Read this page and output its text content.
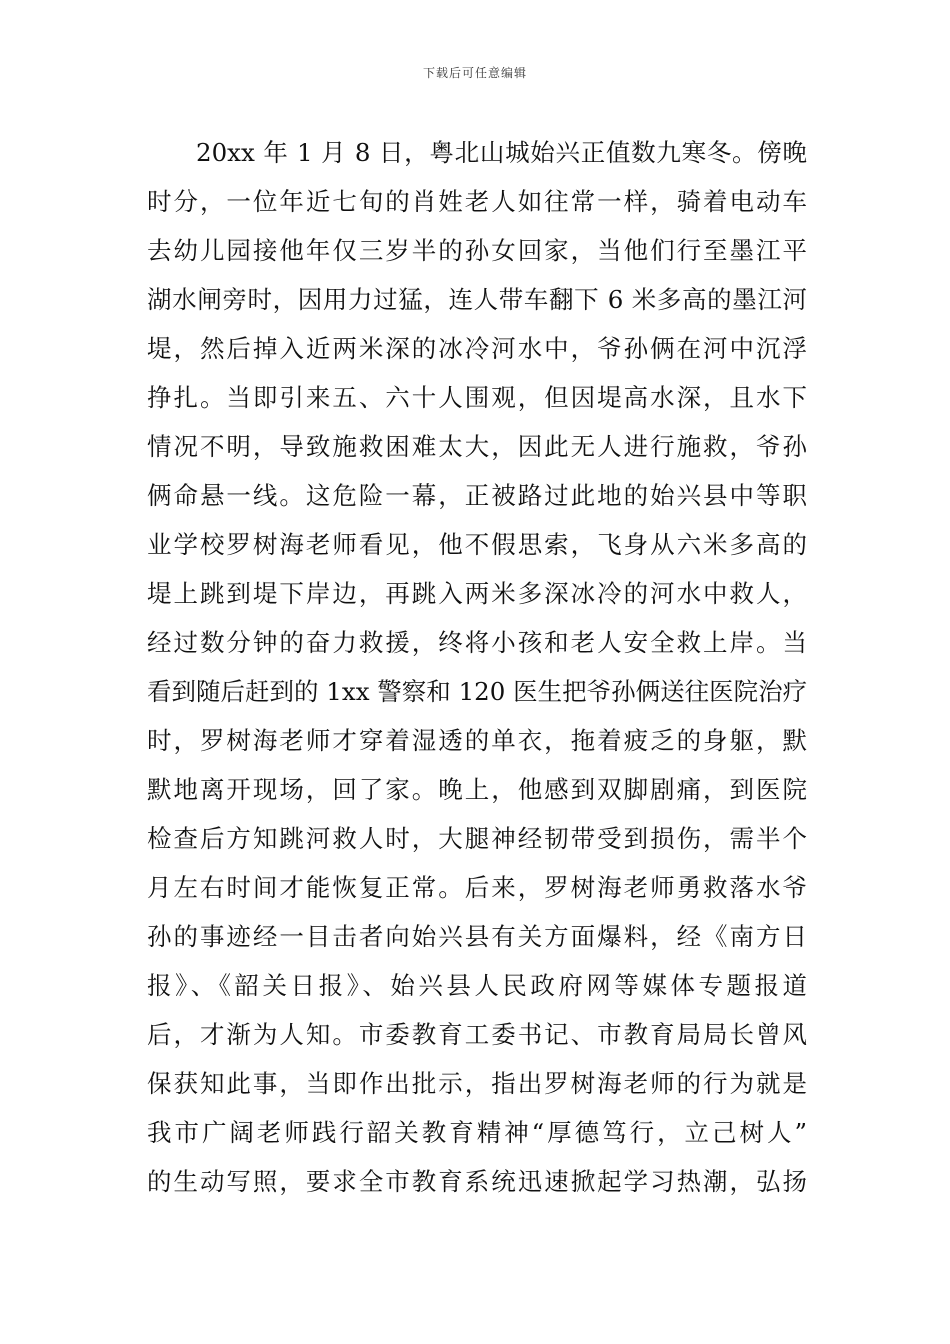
下载后可任意编辑
20xx 年 1 月 8 日，粤北山城始兴正值数九寒冬。傍晚
时分，一位年近七旬的肖姓老人如往常一样，骑着电动车
去幼儿园接他年仅三岁半的孙女回家，当他们行至墨江平
湖水闸旁时，因用力过猛，连人带车翻下 6 米多高的墨江河
堤，然后掉入近两米深的冰冷河水中，爷孙俩在河中沉浮
挣扎。当即引来五、六十人围观，但因堤高水深，且水下
情况不明，导致施救困难太大，因此无人进行施救，爷孙
俩命悬一线。这危险一幕，正被路过此地的始兴县中等职
业学校罗树海老师看见，他不假思索，飞身从六米多高的
堤上跳到堤下岸边，再跳入两米多深冰冷的河水中救人，
经过数分钟的奋力救援，终将小孩和老人安全救上岸。当
看到随后赶到的 1xx 警察和 120 医生把爷孙俩送往医院治疗
时，罗树海老师才穿着湿透的单衣，拖着疲乏的身躯，默
默地离开现场，回了家。晚上，他感到双脚剧痛，到医院
检查后方知跳河救人时，大腿神经韧带受到损伤，需半个
月左右时间才能恢复正常。后来，罗树海老师勇救落水爷
孙的事迹经一目击者向始兴县有关方面爆料，经《南方日
报》、《韶关日报》、始兴县人民政府网等媒体专题报道
后，才渐为人知。市委教育工委书记、市教育局局长曾风
保获知此事，当即作出批示，指出罗树海老师的行为就是
我市广阔老师践行韶关教育精神“厚德笃行，立己树人”
的生动写照，要求全市教育系统迅速掀起学习热潮，弘扬
